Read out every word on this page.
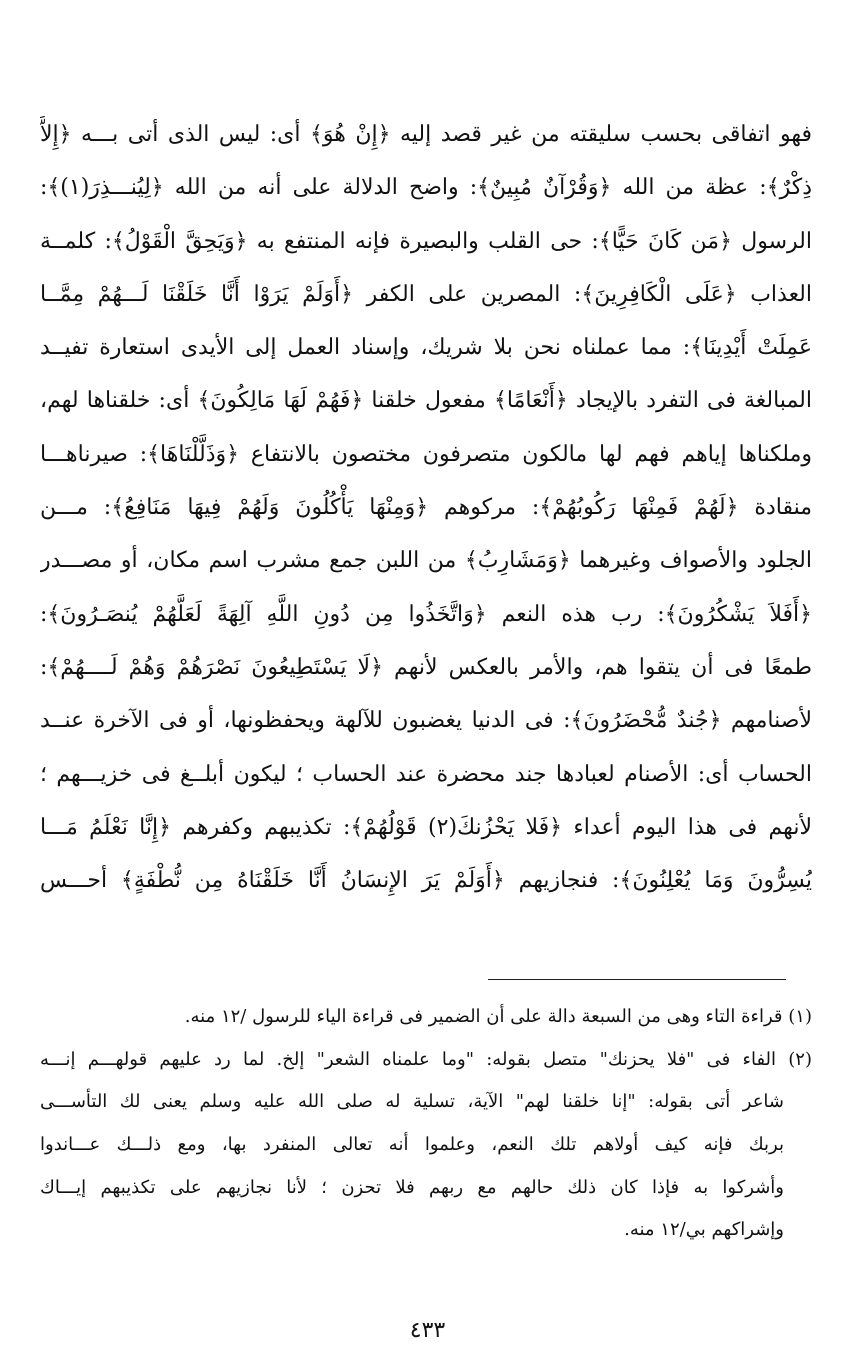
فهو اتفاقى بحسب سليقته من غير قصد إليه ﴿إِنْ هُوَ﴾ أى: ليس الذى أتى بـــه ﴿إِلاَّ
ذِكْرٌ﴾: عظة من الله ﴿وَقُرْآنٌ مُبِينٌ﴾: واضح الدلالة على أنه من الله ﴿لِيُنـــذِرَ(١)﴾:
الرسول ﴿مَن كَانَ حَيًّا﴾: حى القلب والبصيرة فإنه المنتفع به ﴿وَيَحِقَّ الْقَوْلُ﴾: كلمــة
العذاب ﴿عَلَى الْكَافِرِينَ﴾: المصرين على الكفر ﴿أَوَلَمْ يَرَوْا أَنَّا خَلَقْنَا لَـــهُمْ مِمَّــا
عَمِلَتْ أَيْدِينَا﴾: مما عملناه نحن بلا شريك، وإسناد العمل إلى الأيدى استعارة تفيــد
المبالغة فى التفرد بالإيجاد ﴿أَنْعَامًا﴾ مفعول خلقنا ﴿فَهُمْ لَهَا مَالِكُونَ﴾ أى: خلقناها لهم،
وملكناها إياهم فهم لها مالكون متصرفون مختصون بالانتفاع ﴿وَذَلَّلْنَاهَا﴾: صيرناهـــا
منقادة ﴿لَهُمْ فَمِنْهَا رَكُوبُهُمْ﴾: مركوهم ﴿وَمِنْهَا يَأْكُلُونَ وَلَهُمْ فِيهَا مَنَافِعُ﴾: مـــن
الجلود والأصواف وغيرهما ﴿وَمَشَارِبُ﴾ من اللبن جمع مشرب اسم مكان، أو مصـــدر
﴿أَفَلاَ يَشْكُرُونَ﴾: رب هذه النعم ﴿وَاتَّخَذُوا مِن دُونِ اللَّهِ آلِهَةً لَعَلَّهُمْ يُنصَـرُونَ﴾:
طمعًا فى أن يتقوا هم، والأمر بالعكس لأنهم ﴿لَا يَسْتَطِيعُونَ نَصْرَهُمْ وَهُمْ لَــــهُمْ﴾:
لأصنامهم ﴿جُندٌ مُّحْضَرُونَ﴾: فى الدنيا يغضبون للآلهة ويحفظونها، أو فى الآخرة عنــد
الحساب أى: الأصنام لعبادها جند محضرة عند الحساب ؛ ليكون أبلــغ فى خزيـــهم ؛
لأنهم فى هذا اليوم أعداء ﴿فَلا يَحْزُنكَ(٢) قَوْلُهُمْ﴾: تكذيبهم وكفرهم ﴿إِنَّا نَعْلَمُ مَـــا
يُسِرُّونَ وَمَا يُعْلِنُونَ﴾: فنجازيهم ﴿أَوَلَمْ يَرَ الإِنسَانُ أَنَّا خَلَقْنَاهُ مِن نُّطْفَةٍ﴾ أحـــس
(١) قراءة التاء وهى من السبعة دالة على أن الضمير فى قراءة الياء للرسول /١٢ منه.
(٢) الفاء فى "فلا يحزنك" متصل بقوله: "وما علمناه الشعر" إلخ. لما رد عليهم قولهـــم إنـــه
شاعر أتى بقوله: "إنا خلقنا لهم" الآية، تسلية له صلى الله عليه وسلم يعنى لك التأســـى
بربك فإنه كيف أولاهم تلك النعم، وعلموا أنه تعالى المنفرد بها، ومع ذلـــك عـــاندوا
وأشركوا به فإذا كان ذلك حالهم مع ربهم فلا تحزن ؛ لأنا نجازيهم على تكذيبهم إيـــاك
وإشراكهم بي/١٢ منه.
٤٣٣
